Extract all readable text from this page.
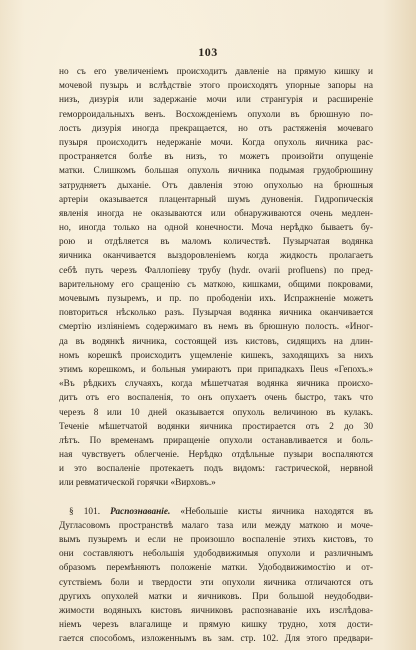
103

но съ его увеличеніемъ происходитъ давленіе на прямую кишку и
мочевой пузырь и вслѣдствіе этого происходятъ упорные запоры на
низъ, дизурія или задержаніе мочи или странгурія и расширеніе
геморроидальныхъ венъ. Восхожденіемъ опухоли въ брюшную по-
лость дизурія иногда прекращается, но отъ растяженія мочеваго
пузыря происходитъ недержаніе мочи. Когда опухоль яичника рас-
пространяется болѣе въ низъ, то можетъ произойти опущеніе
матки. Слишкомъ большая опухоль яичника подымая грудобрюшину
затрудняетъ дыханіе. Отъ давленія этою опухолью на брюшныя
артеріи оказывается плацентарный шумъ дуновенія. Гидропическія
явленія иногда не оказываются или обнаруживаются очень медлен-
но, иногда только на одной конечности. Моча нерѣдко бываетъ бу-
рою и отдѣляется въ маломъ количествѣ. Пузырчатая водянка
яичника оканчивается выздоровленіемъ когда жидкость пролагаетъ
себѣ путь черезъ Фаллопіеву трубу (hydr. ovarii profluens) по пред-
варительному его сращенію съ маткою, кишками, общими покровами,
мочевымъ пузыремъ, и пр. по прободеніи ихъ. Испражненіе можетъ
повториться нѣсколько разъ. Пузырчая водянка яичника оканчивается
смертію изліяніемъ содержимаго въ немъ въ брюшную полость. «Иног-
да въ водянкѣ яичника, состоящей изъ кистовъ, сидящихъ на длин-
номъ корешкѣ происходитъ ущемленіе кишекъ, заходящихъ за нихъ
этимъ корешкомъ, и больныя умираютъ при припадкахъ Ileus «Гепохъ.»
«Въ рѣдкихъ случаяхъ, когда мѣшетчатая водянка яичника происхо-
дитъ отъ его воспаленія, то онъ опухаетъ очень быстро, такъ что
черезъ 8 или 10 дней оказывается опухоль величиною въ кулакъ.
Теченіе мѣшетчатой водянки яичника простирается отъ 2 до 30
лѣтъ. По временамъ приращеніе опухоли останавливается и боль-
ная чувствуетъ облегченіе. Нерѣдко отдѣльные пузыри воспаляются
и это воспаленіе протекаетъ подъ видомъ: гастрической, нервной
или ревматической горячки «Вирховъ.»

§ 101. Распознаваніе. «Небольшіе кисты яичника находятся въ
Дугласовомъ пространствѣ малаго таза или между маткою и моче-
вымъ пузыремъ и если не произошло воспаленіе этихъ кистовъ, то
они составляютъ небольшія удободвижимыя опухоли и различнымъ
образомъ перемѣняютъ положеніе матки. Удободвижимостію и от-
сутствіемъ боли и твердости эти опухоли яичника отличаются отъ
другихъ опухолей матки и яичниковъ. При большой неудободви-
жимости водяныхъ кистовъ яичниковъ распознаваніе ихъ изслѣдова-
ніемъ черезъ влагалище и прямую кишку трудно, хотя дости-
гается способомъ, изложеннымъ въ зам. стр. 102. Для этого предвари-
